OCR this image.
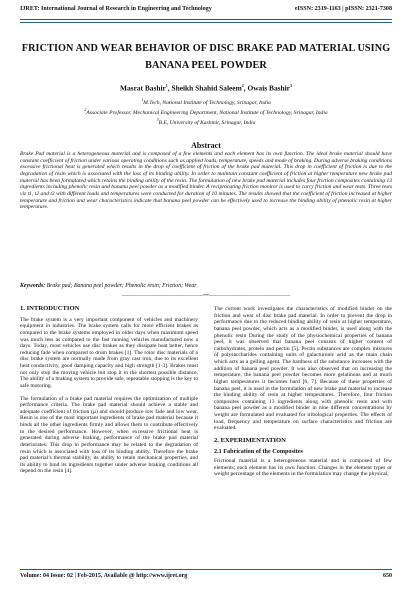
IJRET: International Journal of Research in Engineering and Technology	eISSN: 2319-1163 | pISSN: 2321-7308
FRICTION AND WEAR BEHAVIOR OF DISC BRAKE PAD MATERIAL USING BANANA PEEL POWDER
Masrat Bashir$^1$, Sheikh Shahid Saleem$^2$, Owais Bashir$^3$
$^1$M.Tech, National Institute of Technology, Srinagar, India
$^2$Associate Professor, Mechanical Engineering Department, National Institute of Technology, Srinagar, India
$^3$B.E, University of Kashmir, Srinagar, India
Abstract
Brake Pad material is a heterogeneous material and is composed of a few elements and each element has its own function. The ideal brake material should have constant coefficient of friction under various operating conditions such as applied loads, temperature, speeds and mode of braking. During adverse braking conditions excessive frictional heat is generated which results in the drop of coefficient of friction of the brake pad material. This drop in coefficient of friction is due to the degradation of resin which is associated with the loss of its binding ability. In order to maintain constant coefficient of friction at higher temperature new brake pad material has been formulated which retains the binding ability of the resin. The formulation of new brake pad material includes four friction composites containing 13 ingredients including phenolic resin and banana peel powder as a modified binder. A reciprocating friction monitor is used to carry friction and wear tests. Three tests viz t1, t2 and t3 with different loads and temperatures were conducted for duration of 10 minutes. The results showed that the coefficient of friction increased at higher temperature and friction and wear characteristics indicate that banana peel powder can be effectively used to increase the binding ability of phenolic resin at higher temperature.
Keywords: Brake pad; Banana peel powder; Phenolic resin; Friction; Wear
--------------------------------------------------------------------***--------------------------------------------------------------------
1. INTRODUCTION

The brake system is a very important component of vehicles and machinery equipment in industries. The brake system calls for more efficient brakes as compared to the brake systems employed in older days when maximum speed was much less as compared to the fast running vehicles manufactured now a days. Today, most vehicles use disc brakes as they dissipate heat better, hence reducing fade when compared to drum brakes [1]. The rotor disc materials of a disc brake system are normally made from gray cast iron, due to its excellent heat conductivity, good damping capacity and high strength [1-3]. Brakes must not only stop the moving vehicle but stop it in the shortest possible distance. The ability of a braking system to provide safe, repeatable stopping is the key to safe motoring.

The formulation of a brake pad material requires the optimization of multiple performance criteria. The brake pad material should achieve a stable and adequate coefficient of friction (µ) and should produce low fade and low wear. Resin is one of the most important ingredients of brake pad material because it binds all the other ingredients firmly and allows them to contribute effectively to the desired performance. However, when excessive frictional heat is generated during adverse braking, performance of the brake pad material deteriorates. This drop in performance may be related to the degradation of resin which is associated with loss of its binding ability. Therefore the brake pad material’s thermal stability, its ability to retain mechanical properties, and its ability to bind its ingredients together under adverse braking conditions all depend on the resin [4].

The current work investigates the characteristics of modified binder on the friction and wear of disc brake pad material. In order to prevent the drop in performance due to the reduced binding ability of resin at higher temperature, banana peel powder, which acts as a modified binder, is used along with the phenolic resin During the study of the physiochemical properties of banana peel, it was observed that banana peel consists of higher content of carbohydrates, protein and pectin [5]. Pectin substances are complex mixtures of polysaccharides containing units of galacturonic acid as the main chain which acts as a gelling agent. The hardness of the substance increases with the addition of banana peel powder. It was also observed that on increasing the temperature, the banana peel powder becomes more gelatinous and at much higher temperatures it becomes hard [6, 7]. Because of these properties of banana peel, it is used in the formulation of new brake pad material to increase the binding ability of resin at higher temperatures. Therefore, four friction composites containing 13 ingredients along with phenolic resin and with banana peel powder as a modified binder in nine different concentrations by weight are formulated and evaluated for tribological properties. The effects of load, frequency and temperature on surface characteristics and friction are evaluated.

2. EXPERIMENTATION
2.1 Fabrication of the Composites

Frictional material is a heterogeneous material and is composed of few elements; each element has its own function. Changes in the element types or weight percentage of the elements in the formulation may change the physical,

Volume: 04 Issue: 02 | Feb-2015, Available @ http://www.ijret.org	650
